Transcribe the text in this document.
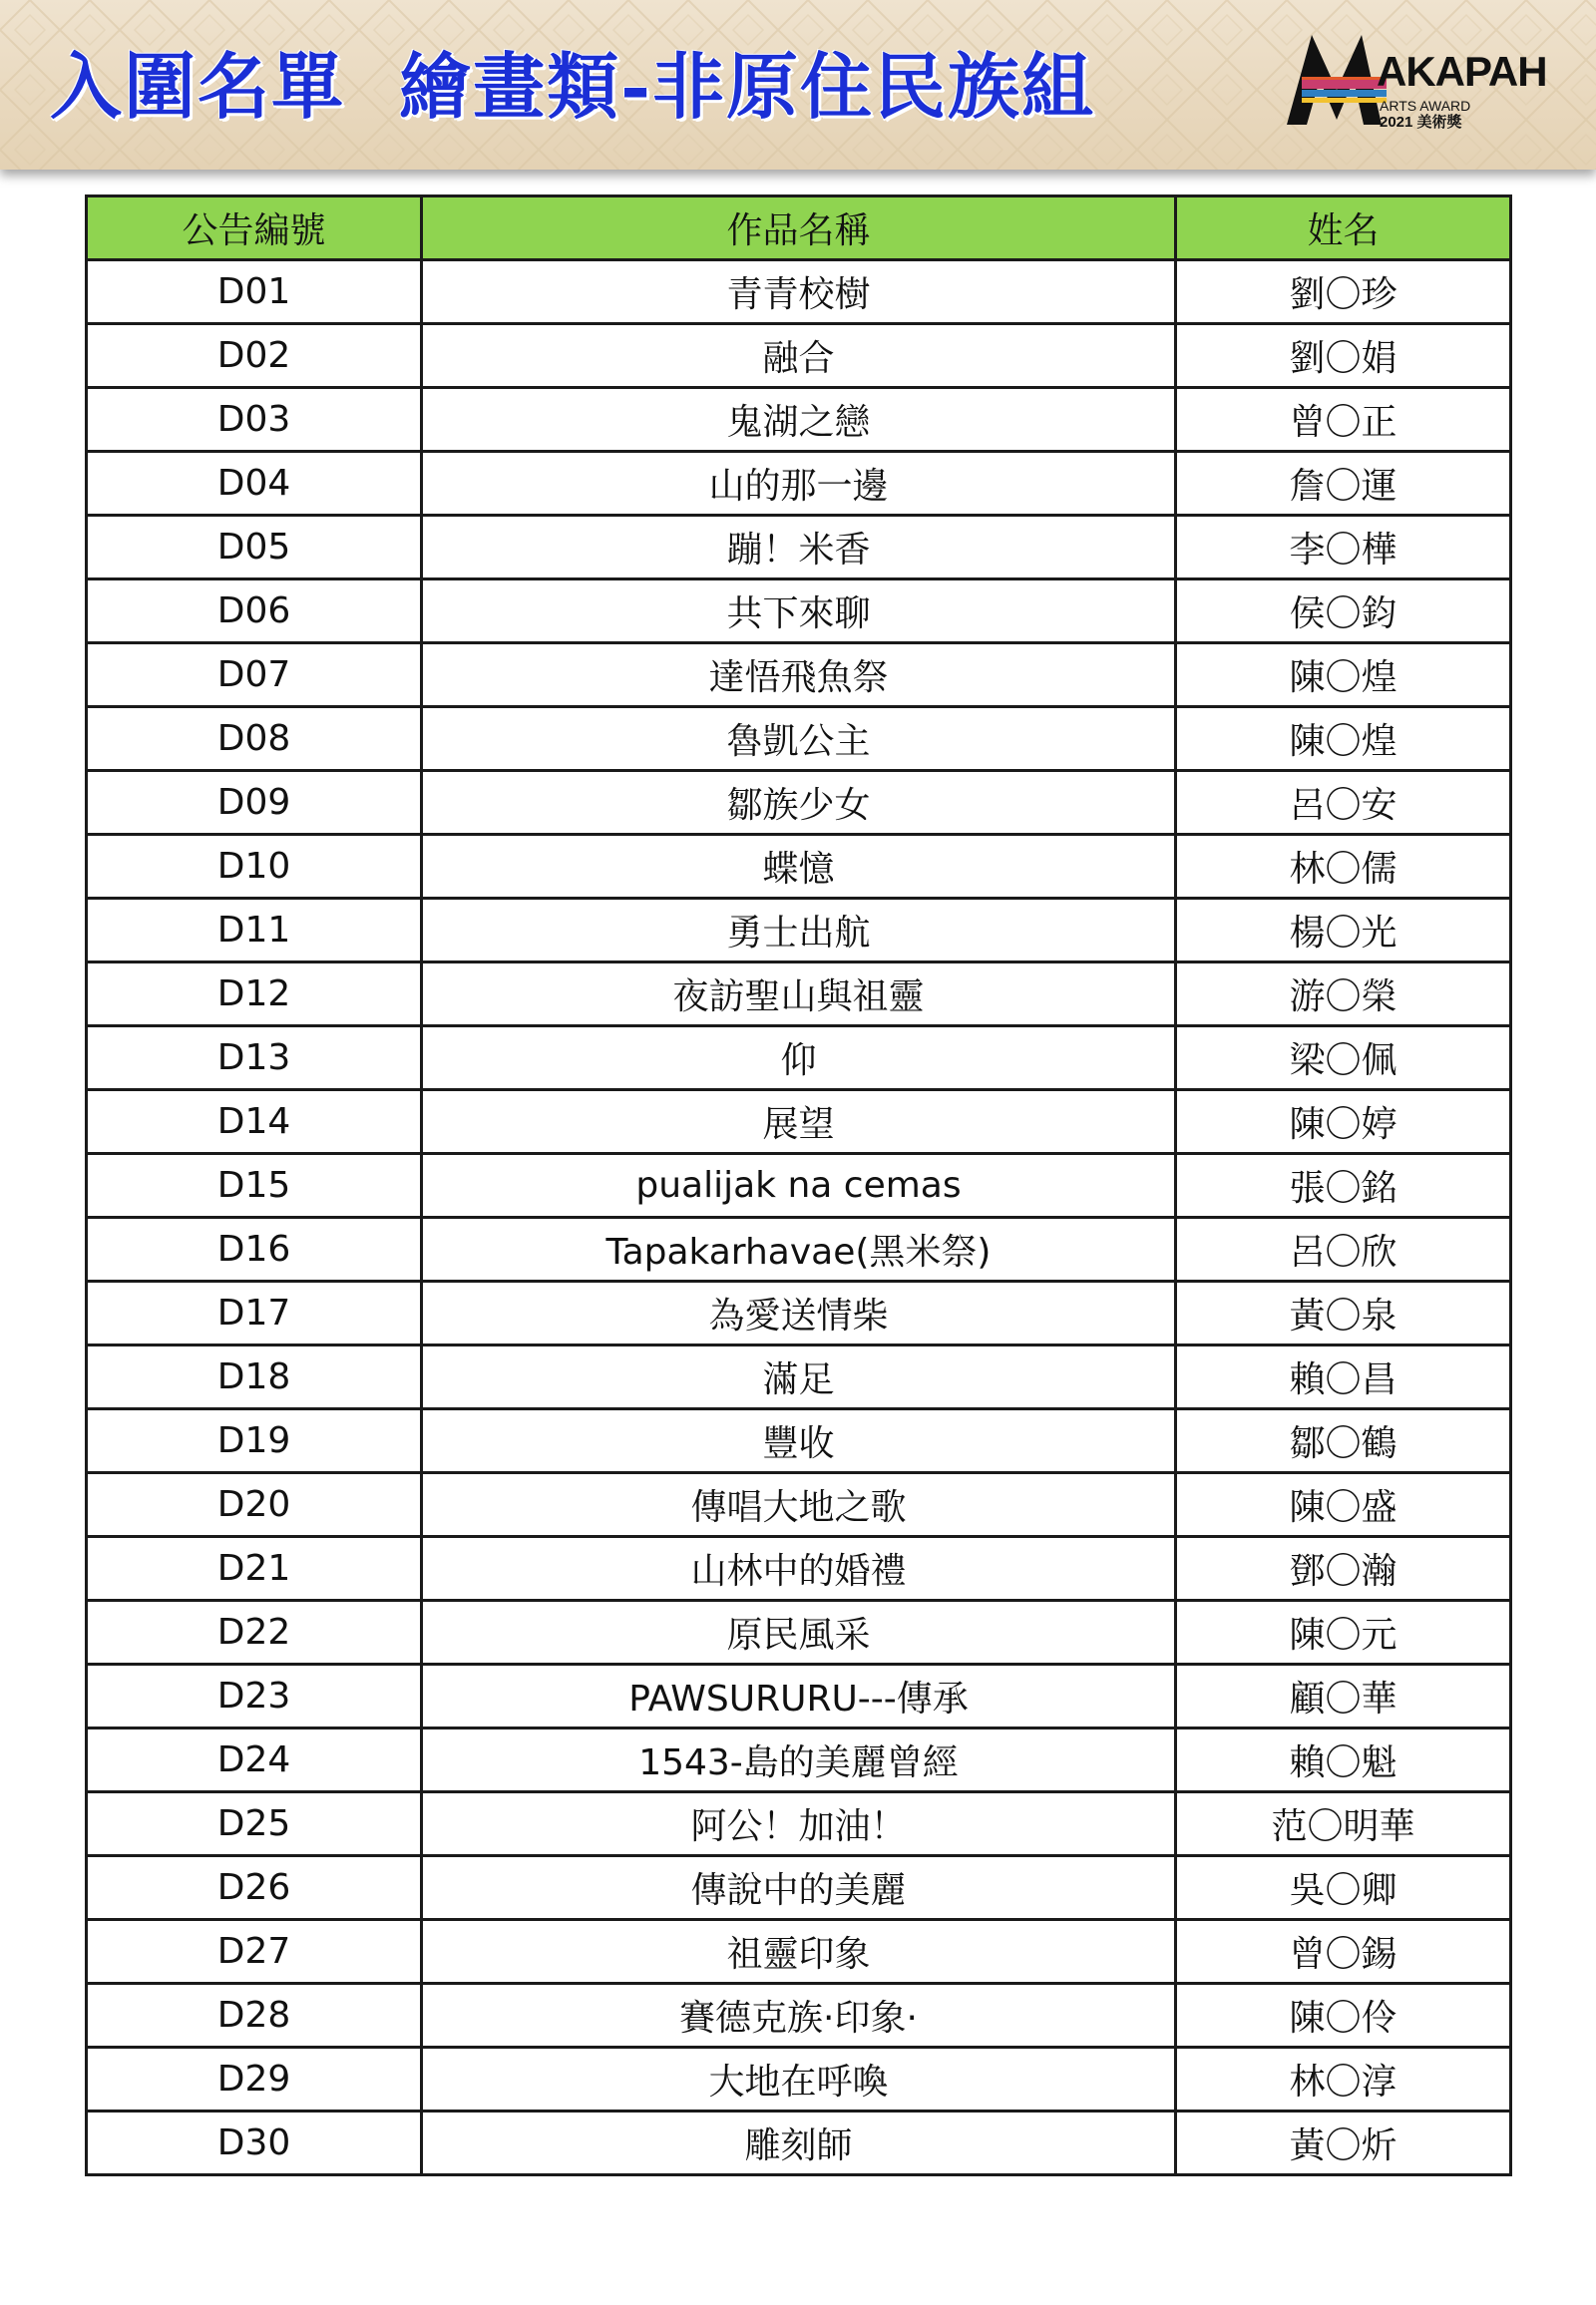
入圍名單  繪畫類-非原住民族組	AKAPAH
ARTS AWARD
2021 美術獎
公告編號	作品名稱	姓名
D01	青青校樹	劉〇珍
D02	融合	劉〇娟
D03	鬼湖之戀	曾〇正
D04	山的那一邊	詹〇運
D05	蹦！米香	李〇樺
D06	共下來聊	侯〇鈞
D07	達悟飛魚祭	陳〇煌
D08	魯凱公主	陳〇煌
D09	鄒族少女	呂〇安
D10	蝶憶	林〇儒
D11	勇士出航	楊〇光
D12	夜訪聖山與祖靈	游〇榮
D13	仰	梁〇佩
D14	展望	陳〇婷
D15	pualijak na cemas	張〇銘
D16	Tapakarhavae(黑米祭)	呂〇欣
D17	為愛送情柴	黃〇泉
D18	滿足	賴〇昌
D19	豐收	鄒〇鶴
D20	傳唱大地之歌	陳〇盛
D21	山林中的婚禮	鄧〇瀚
D22	原民風采	陳〇元
D23	PAWSURURU---傳承	顧〇華
D24	1543-島的美麗曾經	賴〇魁
D25	阿公！加油！	范〇明華
D26	傳說中的美麗	吳〇卿
D27	祖靈印象	曾〇錫
D28	賽德克族·印象·	陳〇伶
D29	大地在呼喚	林〇淳
D30	雕刻師	黃〇炘
